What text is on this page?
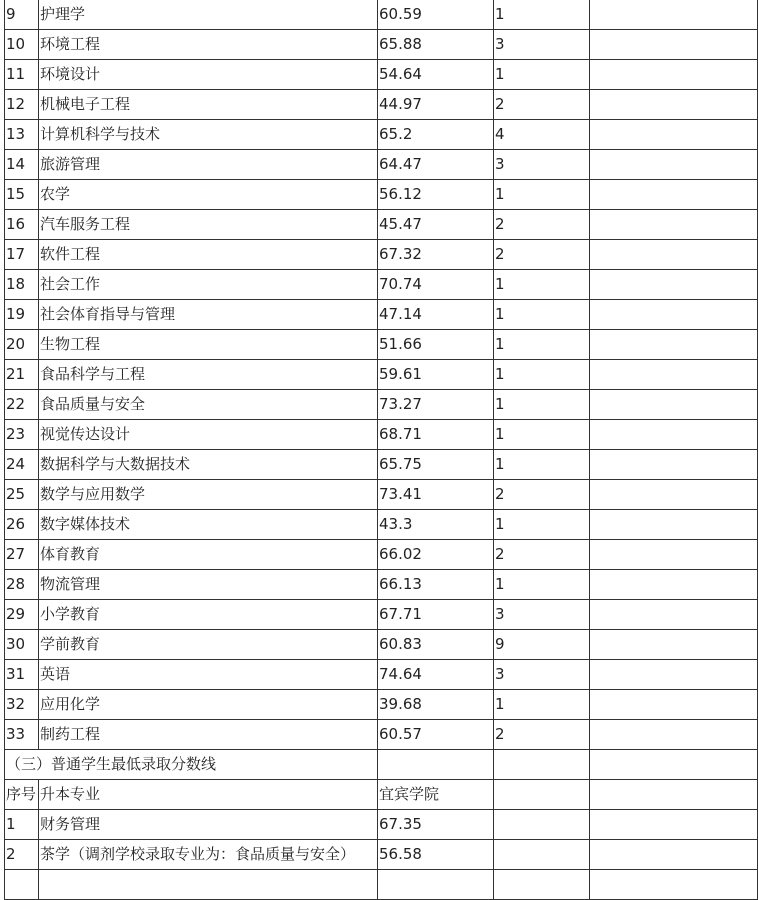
9	护理学	60.59	1	
10	环境工程	65.88	3	
11	环境设计	54.64	1	
12	机械电子工程	44.97	2	
13	计算机科学与技术	65.2	4	
14	旅游管理	64.47	3	
15	农学	56.12	1	
16	汽车服务工程	45.47	2	
17	软件工程	67.32	2	
18	社会工作	70.74	1	
19	社会体育指导与管理	47.14	1	
20	生物工程	51.66	1	
21	食品科学与工程	59.61	1	
22	食品质量与安全	73.27	1	
23	视觉传达设计	68.71	1	
24	数据科学与大数据技术	65.75	1	
25	数学与应用数学	73.41	2	
26	数字媒体技术	43.3	1	
27	体育教育	66.02	2	
28	物流管理	66.13	1	
29	小学教育	67.71	3	
30	学前教育	60.83	9	
31	英语	74.64	3	
32	应用化学	39.68	1	
33	制药工程	60.57	2	
（三）普通学生最低录取分数线				
序号	升本专业	宜宾学院		
1	财务管理	67.35		
2	茶学（调剂学校录取专业为：食品质量与安全）	56.58		
